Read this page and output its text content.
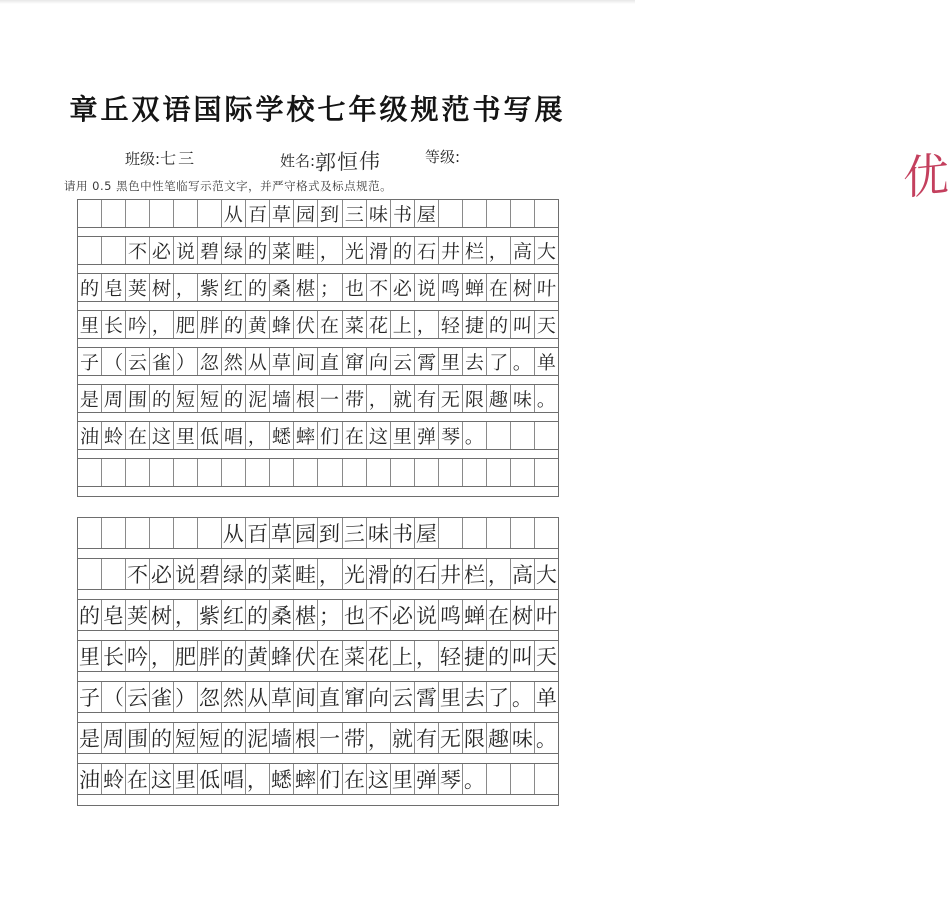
章丘双语国际学校七年级规范书写展
班级:七三	姓名:郭恒伟	等级:	优
请用 0.5 黑色中性笔临写示范文字，并严守格式及标点规范。
从 百 草 园 到 三 味 书 屋
不 必 说 碧 绿 的 菜 畦 ， 光 滑 的 石 井 栏 ， 高 大
的 皂 荚 树 ， 紫 红 的 桑 椹 ； 也 不 必 说 鸣 蝉 在 树 叶
里 长 吟 ， 肥 胖 的 黄 蜂 伏 在 菜 花 上 ， 轻 捷 的 叫 天
子 （ 云 雀 ） 忽 然 从 草 间 直 窜 向 云 霄 里 去 了 。 单
是 周 围 的 短 短 的 泥 墙 根 一 带 ， 就 有 无 限 趣 味 。
油 蛉 在 这 里 低 唱 ， 蟋 蟀 们 在 这 里 弹 琴 。
从 百 草 园 到 三 味 书 屋
不 必 说 碧 绿 的 菜 畦 ， 光 滑 的 石 井 栏 ， 高 大
的 皂 荚 树 ， 紫 红 的 桑 椹 ； 也 不 必 说 鸣 蝉 在 树 叶
里 长 吟 ， 肥 胖 的 黄 蜂 伏 在 菜 花 上 ， 轻 捷 的 叫 天
子 （ 云 雀 ） 忽 然 从 草 间 直 窜 向 云 霄 里 去 了 。 单
是 周 围 的 短 短 的 泥 墙 根 一 带 ， 就 有 无 限 趣 味 。
油 蛉 在 这 里 低 唱 ， 蟋 蟀 们 在 这 里 弹 琴 。
